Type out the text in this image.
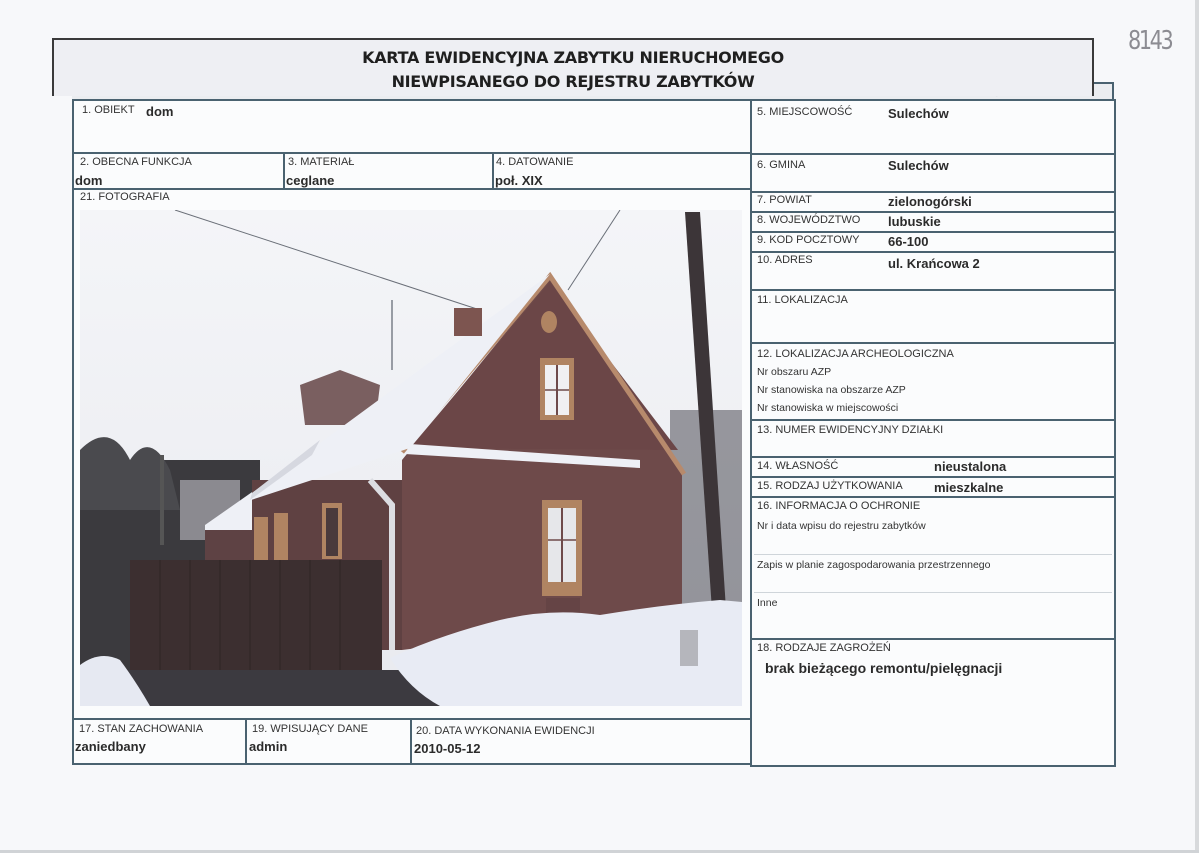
KARTA EWIDENCYJNA ZABYTKU NIERUCHOMEGO
NIEWPISANEGO DO REJESTRU ZABYTKÓW
8143
1. OBIEKT dom
2. OBECNA FUNKCJA
dom
3. MATERIAŁ
ceglane
4. DATOWANIE
poł. XIX
21. FOTOGRAFIA
5. MIEJSCOWOŚĆ	Sulechów
6. GMINA	Sulechów
7. POWIAT	zielonogórski
8. WOJEWÓDZTWO lubuskie
9. KOD POCZTOWY 66-100
10. ADRES	ul. Krańcowa 2
11. LOKALIZACJA
12. LOKALIZACJA ARCHEOLOGICZNA
Nr obszaru AZP
Nr stanowiska na obszarze AZP
Nr stanowiska w miejscowości
13. NUMER EWIDENCYJNY DZIAŁKI
14. WŁASNOŚĆ	nieustalona
15. RODZAJ UŻYTKOWANIA mieszkalne
16. INFORMACJA O OCHRONIE
Nr i data wpisu do rejestru zabytków
Zapis w planie zagospodarowania przestrzennego
Inne
18. RODZAJE ZAGROŻEŃ
brak bieżącego remontu/pielęgnacji
17. STAN ZACHOWANIA
zaniedbany
19. WPISUJĄCY DANE
admin
20. DATA WYKONANIA EWIDENCJI
2010-05-12
